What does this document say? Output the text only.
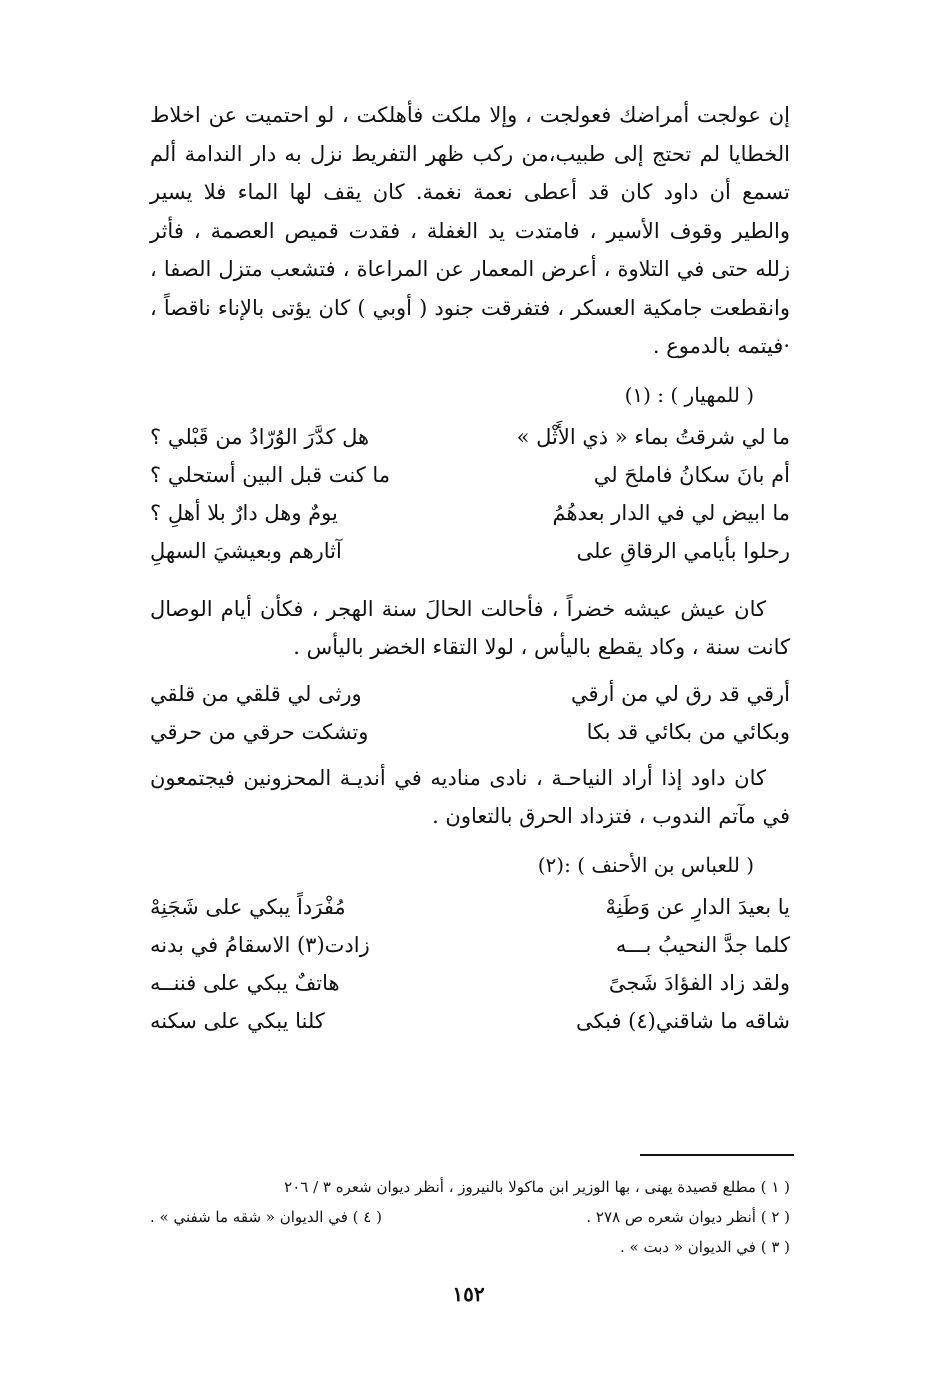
إن عولجت أمراضك فعولجت ، وإلا ملكت فأهلكت ، لو احتميت عن اخلاط الخطايا لم تحتج إلى طبيب،من ركب ظهر التفريط نزل به دار الندامة ألم تسمع أن داود كان قد أعطى نعمة نغمة. كان يقف لها الماء فلا يسير والطير وقوف الأسير ، فامتدت يد الغفلة ، فقدت قميص العصمة ، فأثر زلله حتى في التلاوة ، أعرض المعمار عن المراعاة ، فتشعب متزل الصفا ، وانقطعت جامكية العسكر ، فتفرقت جنود ( أوبي ) كان يؤتى بالإناء ناقصاً ، ·فيتمه بالدموع .

( للمهيار ) : (١)
ما لي شرقتُ بماء « ذي الأَثْل »
هل كدَّرَ الوُرّادُ من قَبْلي ؟
أم بانَ سكانُ فاملحَ لي
ما كنت قبل البين أستحلي ؟
ما ابيض لي في الدار بعدهُمُ
يومٌ وهل دارٌ بلا أهلِ ؟
رحلوا بأيامي الرقاقِ على
آثارهم وبعيشيَ السهلِ

كان عيش عيشه خضراً ، فأحالت الحالَ سنة الهجر ، فكأن أيام الوصال كانت سنة ، وكاد يقطع باليأس ، لولا التقاء الخضر باليأس .

أرقي قد رق لي من أرقي
ورثى لي قلقي من قلقي
وبكائي من بكائي قد بكا
وتشكت حرقي من حرقي

كان داود إذا أراد النياحـة ، نادى مناديه في أنديـة المحزونين فيجتمعون في مآتم الندوب ، فتزداد الحرق بالتعاون .

( للعباس بن الأحنف ) :(٢)
يا بعيدَ الدارِ عن وَطَنِهْ
مُفْرَداً يبكي على شَجَنِهْ
كلما جدَّ النحيبُ بـــه
زادت(٣) الاسقامُ في بدنه
ولقد زاد الفؤادَ شَجىً
هاتفٌ يبكي على فننــه
شاقه ما شاقني(٤) فبكى
كلنا يبكي على سكنه
( ١ ) مطلع قصيدة يهنى ، بها الوزير ابن ماكولا بالنيروز ، أنظر ديوان شعره ٣ / ٢٠٦
( ٢ ) أنظر ديوان شعره ص ٢٧٨ .
( ٤ ) في الديوان « شقه ما شفني » .
( ٣ ) في الديوان « دبت » .
١٥٢
